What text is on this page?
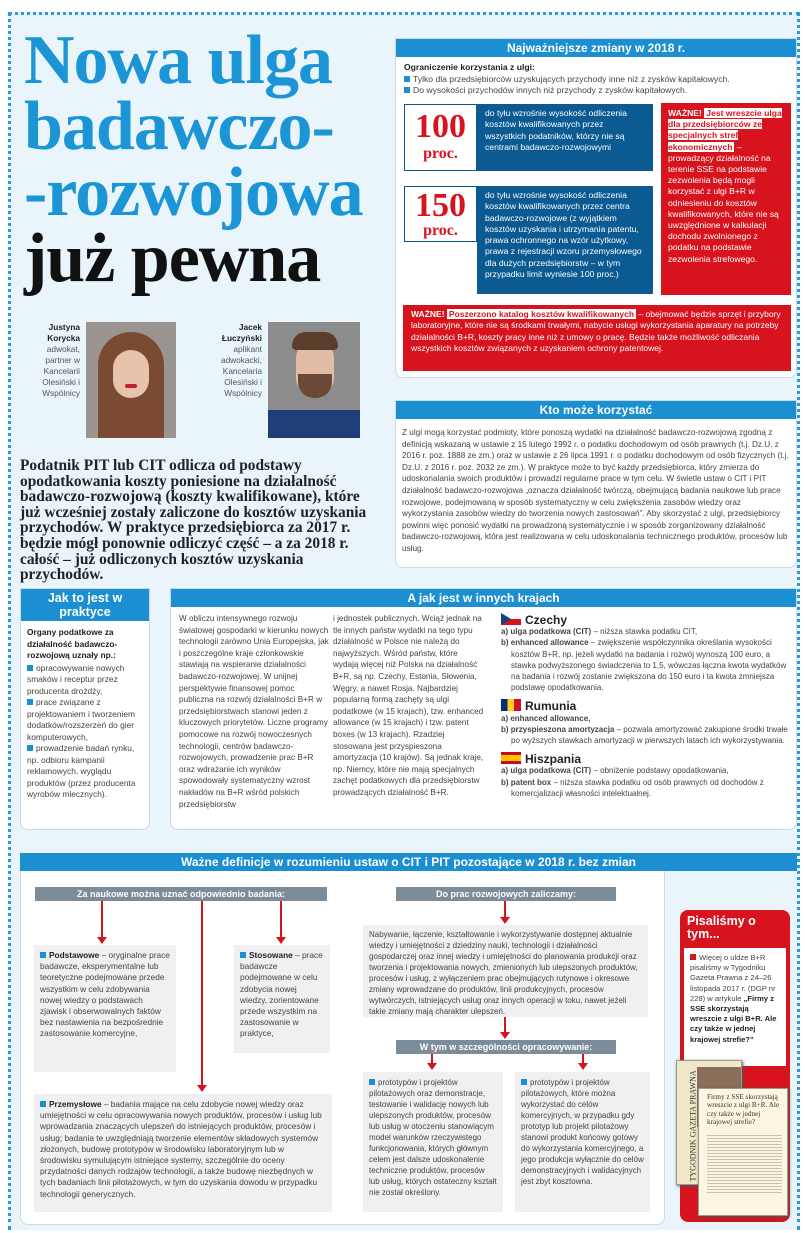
Nowa ulga
badawczo-
-rozwojowa
już pewna
Justyna
Korycka
adwokat, partner w Kancelarii Olesiński i Wspólnicy
Jacek
Łuczyński
aplikant adwokacki, Kancelaria Olesiński i Wspólnicy
Podatnik PIT lub CIT odlicza od podstawy opodatkowania koszty poniesione na działalność badawczo-rozwojową (koszty kwalifikowane), które już wcześniej zostały zaliczone do kosztów uzyskania przychodów. W praktyce przedsiębiorca za 2017 r. będzie mógł ponownie odliczyć część – a za 2018 r. całość – już odliczonych kosztów uzyskania przychodów.
Najważniejsze zmiany w 2018 r.
Ograniczenie korzystania z ulgi:
Tylko dla przedsiębiorców uzyskujących przychody inne niż z zysków kapitałowych.
Do wysokości przychodów innych niż przychody z zysków kapitałowych.
100
proc.
do tyłu wzrośnie wysokość odliczenia kosztów kwalifikowanych przez wszystkich podatników, którzy nie są centrami badawczo-rozwojowymi
150
proc.
do tyłu wzrośnie wysokość odliczenia kosztów kwalifikowanych przez centra badawczo-rozwojowe (z wyjątkiem kosztów uzyskania i utrzymania patentu, prawa ochronnego na wzór użytkowy, prawa z rejestracji wzoru przemysłowego dla dużych przedsiębiorstw – w tym przypadku limit wyniesie 100 proc.)
WAŻNE! Jest wreszcie ulga dla przedsiębiorców ze specjalnych stref ekonomicznych –prowadzący działalność na terenie SSE na podstawie zezwolenia będą mogli korzystać z ulgi B+R w odniesieniu do kosztów kwalifikowanych, które nie są uwzględnione w kalkulacji dochodu zwolnionego z podatku na podstawie zezwolenia strefowego.
WAŻNE! Poszerzono katalog kosztów kwalifikowanych – obejmować będzie sprzęt i przybory laboratoryjne, które nie są środkami trwałymi, nabycie usługi wykorzystania aparatury na potrzeby działalności B+R, koszty pracy inne niż z umowy o pracę. Będzie także możliwość odliczania wszystkich kosztów związanych z uzyskaniem ochrony patentowej.
Kto może korzystać
Z ulgi mogą korzystać podmioty, które ponoszą wydatki na działalność badawczo-rozwojową zgodną z definicją wskazaną w ustawie z 15 lutego 1992 r. o podatku dochodowym od osób prawnych (t.j. Dz.U. z 2016 r. poz. 1888 ze zm.) oraz w ustawie z 26 lipca 1991 r. o podatku dochodowym od osób fizycznych (t.j. Dz.U. z 2016 r. poz. 2032 ze zm.). W praktyce może to być każdy przedsiębiorca, który zmierza do udoskonalania swoich produktów i prowadzi regularne prace w tym celu. W świetle ustaw o CIT i PIT działalność badawczo-rozwojowa „oznacza działalność twórczą, obejmującą badania naukowe lub prace rozwojowe, podejmowaną w sposób systematyczny w celu zwiększenia zasobów wiedzy oraz wykorzystania zasobów wiedzy do tworzenia nowych zastosowań”. Aby skorzystać z ulgi, przedsiębiorcy powinni więc ponosić wydatki na prowadzoną systematycznie i w sposób zorganizowany działalność badawczo-rozwojową, która jest realizowana w celu udoskonalania technicznego produktów, procesów lub usług.
Jak to jest w praktyce
Organy podatkowe za działalność badawczo-rozwojową uznały np.:
opracowywanie nowych smaków i receptur przez producenta drożdży,
prace związane z projektowaniem i tworzeniem dodatków/rozszerzeń do gier komputerowych,
prowadzenie badań rynku, np. odbioru kampanii reklamowych, wyglądu produktów (przez producenta wyrobów mlecznych).
A jak jest w innych krajach
W obliczu intensywnego rozwoju światowej gospodarki w kierunku nowych technologii zarówno Unia Europejska, jak i poszczególne kraje członkowskie stawiają na wspieranie działalności badawczo-rozwojowej. W unijnej perspektywie finansowej pomoc publiczna na rozwój działalności B+R w przedsiębiorstwach stanowi jeden z kluczowych priorytetów. Liczne programy pomocowe na rozwój nowoczesnych technologii, centrów badawczo-rozwojowych, prowadzenie prac B+R oraz wdrażanie ich wyników spowodowały systematyczny wzrost nakładów na B+R wśród polskich przedsiębiorstw
i jednostek publicznych. Wciąż jednak na tle innych państw wydatki na tego typu działalność w Polsce nie należą do najwyższych. Wśród państw, które wydają więcej niż Polska na działalność B+R, są np. Czechy, Estonia, Słowenia, Węgry, a nawet Rosja. Najbardziej popularną formą zachęty są ulgi podatkowe (w 15 krajach), tzw. enhanced allowance (w 15 krajach) i tzw. patent boxes (w 13 krajach). Rzadziej stosowana jest przyspieszona amortyzacja (10 krajów). Są jednak kraje, np. Niemcy, które nie mają specjalnych zachęt podatkowych dla przedsiębiorstw prowadzących działalność B+R.
Czechy
a) ulga podatkowa (CIT) – niższa stawka podatku CIT,
b) enhanced allowance – zwiększenie współczynnika określania wysokości kosztów B+R, np. jeżeli wydatki na badania i rozwój wynoszą 100 euro, a stawka podwyższonego świadczenia to 1,5, wówczas łączna kwota wydatków na badania i rozwój zostanie zwiększona do 150 euro i ta kwota zmniejsza podstawę opodatkowania.
Rumunia
a) enhanced allowance,
b) przyspieszona amortyzacja – pozwala amortyzować zakupione środki trwałe po wyższych stawkach amortyzacji w pierwszych latach ich wykorzystywania.
Hiszpania
a) ulga podatkowa (CIT) – obniżenie podstawy opodatkowania,
b) patent box – niższa stawka podatku od osób prawnych od dochodów z komercjalizacji własności intelektualnej.
Ważne definicje w rozumieniu ustaw o CIT i PIT pozostające w 2018 r. bez zmian
Za naukowe można uznać odpowiednio badania:
Podstawowe – oryginalne prace badawcze, eksperymentalne lub teoretyczne podejmowane przede wszystkim w celu zdobywania nowej wiedzy o podstawach zjawisk i obserwowalnych faktów bez nastawienia na bezpośrednie zastosowanie komercyjne,
Stosowane – prace badawcze podejmowane w celu zdobycia nowej wiedzy, zorientowane przede wszystkim na zastosowanie w praktyce,
Przemysłowe – badania mające na celu zdobycie nowej wiedzy oraz umiejętności w celu opracowywania nowych produktów, procesów i usług lub wprowadzania znaczących ulepszeń do istniejących produktów, procesów i usług; badania te uwzględniają tworzenie elementów składowych systemów złożonych, budowę prototypów w środowisku laboratoryjnym lub w środowisku symulującym istniejące systemy, szczególnie do oceny przydatności danych rodzajów technologii, a także budowę niezbędnych w tych badaniach linii pilotażowych, w tym do uzyskania dowodu w przypadku technologii generycznych.
Do prac rozwojowych zaliczamy:
Nabywanie, łączenie, kształtowanie i wykorzystywanie dostępnej aktualnie wiedzy i umiejętności z dziedziny nauki, technologii i działalności gospodarczej oraz innej wiedzy i umiejętności do planowania produkcji oraz tworzenia i projektowania nowych, zmienionych lub ulepszonych produktów, procesów i usług, z wyłączeniem prac obejmujących rutynowe i okresowe zmiany wprowadzane do produktów, linii produkcyjnych, procesów wytwórczych, istniejących usług oraz innych operacji w toku, nawet jeżeli takie zmiany mają charakter ulepszeń.
W tym w szczególności opracowywanie:
prototypów i projektów pilotażowych oraz demonstracje, testowanie i walidację nowych lub ulepszonych produktów, procesów lub usług w otoczeniu stanowiącym model warunków rzeczywistego funkcjonowania, których głównym celem jest dalsze udoskonalenie techniczne produktów, procesów lub usług, których ostateczny kształt nie został określony.
prototypów i projektów pilotażowych, które można wykorzystać do celów komercyjnych, w przypadku gdy prototyp lub projekt pilotażowy stanowi produkt końcowy gotowy do wykorzystania komercyjnego, a jego produkcja wyłącznie do celów demonstracyjnych i walidacyjnych jest zbyt kosztowna.
Pisaliśmy o tym...
Więcej o uldze B+R pisaliśmy w Tygodniku Gazeta Prawna z 24–26 listopada 2017 r. (DGP nr 228) w artykule „Firmy z SSE skorzystają wreszcie z ulgi B+R. Ale czy także w jednej krajowej strefie?”
TYGODNIK GAZETA PRAWNA Firmy z SSE skorzystają wreszcie z ulgi B+R. Ale czy także w jednej krajowej strefie?
